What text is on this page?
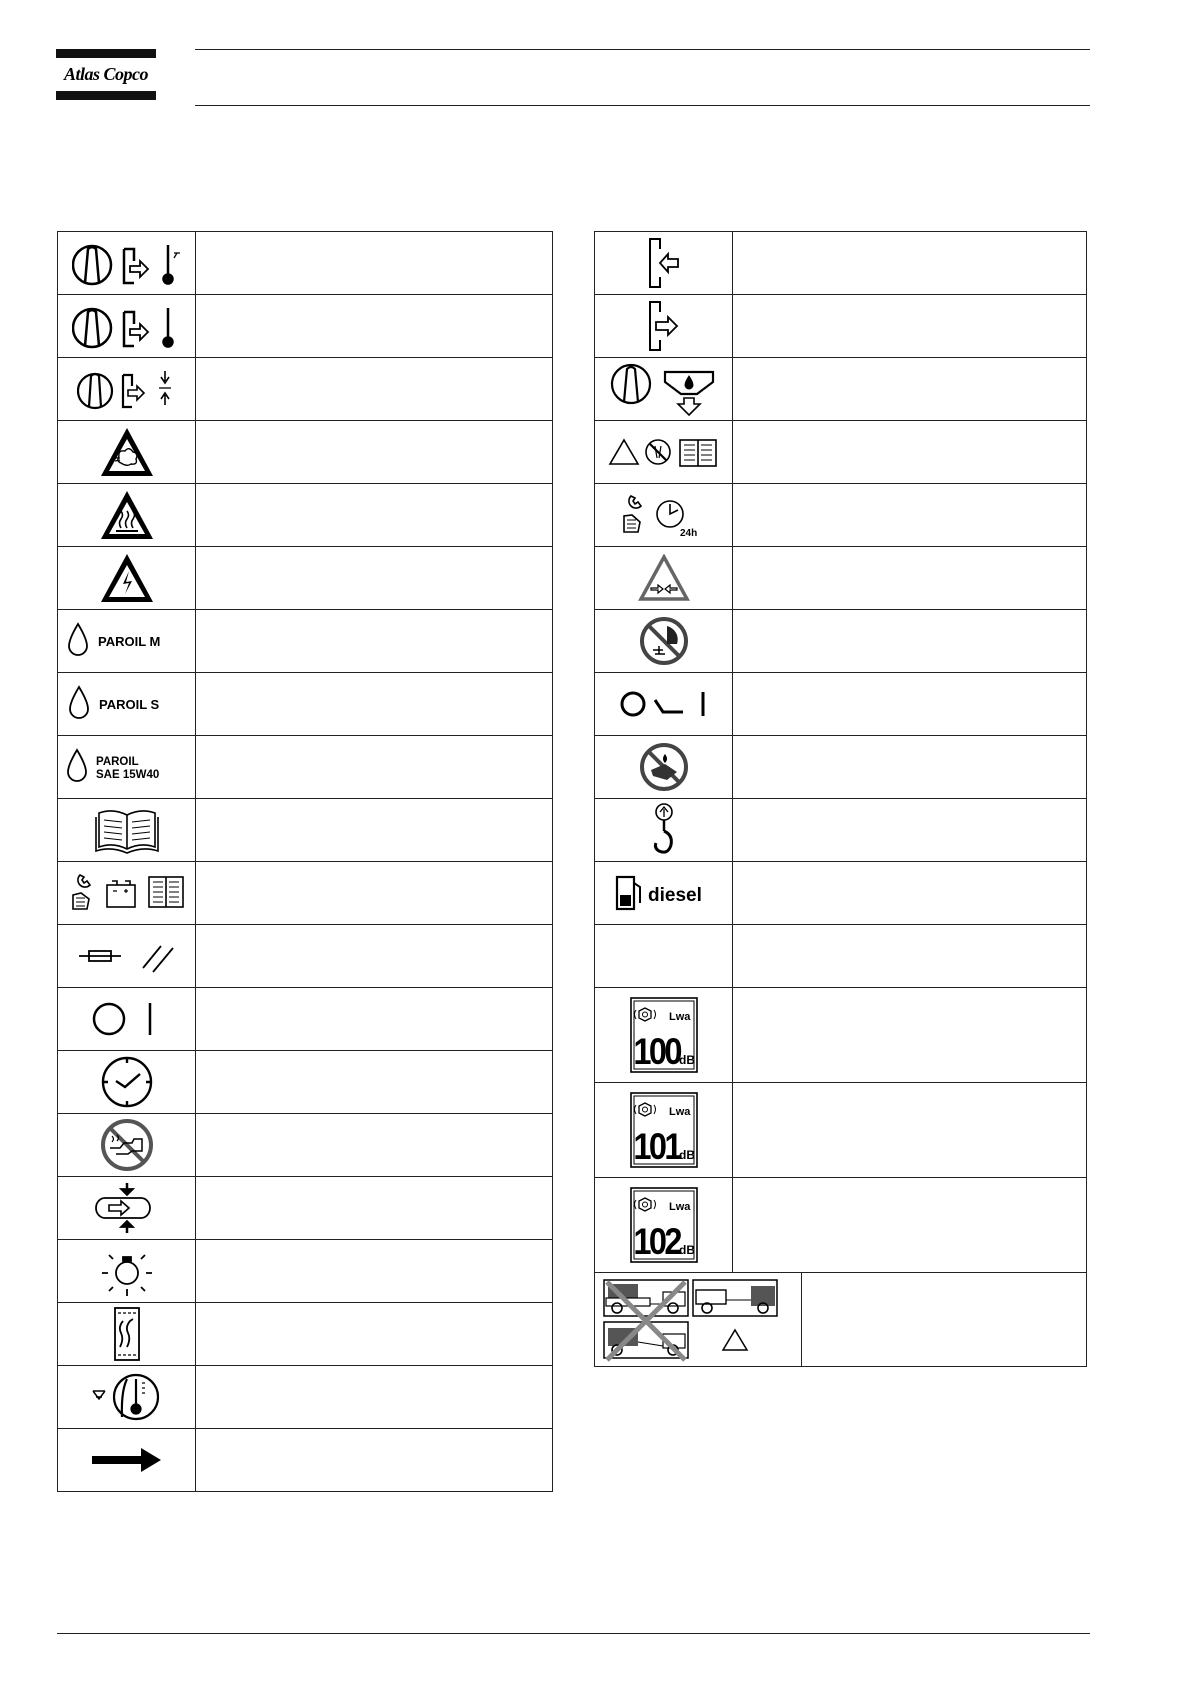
Atlas Copco

PAROIL M	

PAROIL S	

PAROIL
SAE 15W40	

24h		

diesel		

Lwa
100 dB		

Lwa
101 dB		

Lwa
102 dB		
